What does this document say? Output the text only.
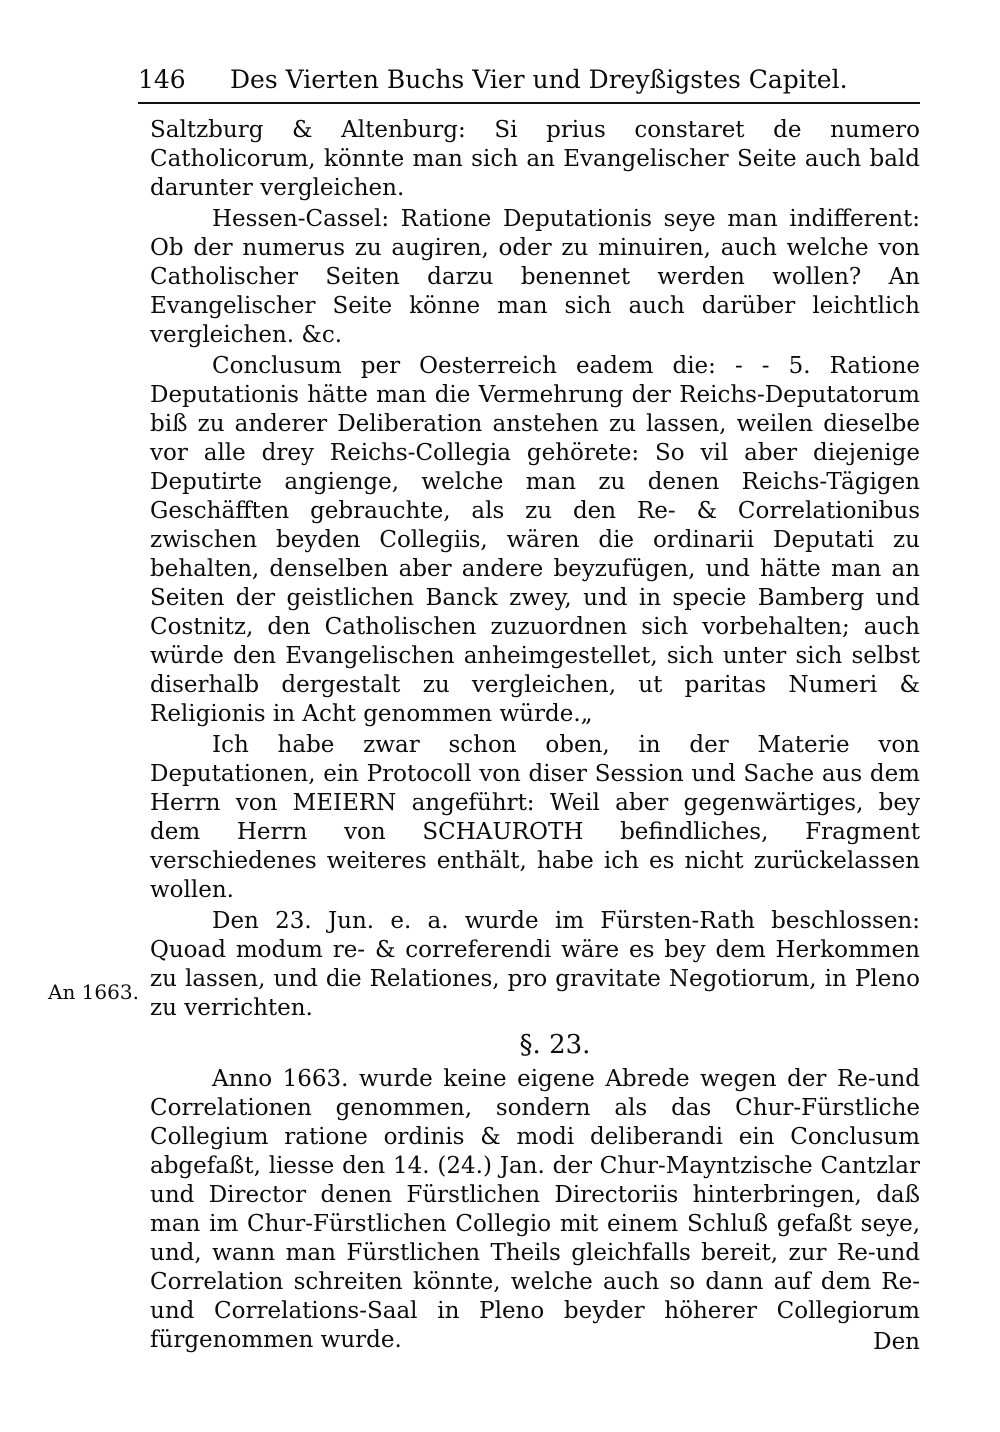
146 Des Vierten Buchs Vier und Dreyßigstes Capitel.
An 1663.

Saltzburg & Altenburg: Si prius constaret de numero Catholicorum, könnte man sich an Evangelischer Seite auch bald darunter vergleichen.

Hessen-Cassel: Ratione Deputationis seye man indifferent: Ob der numerus zu augiren, oder zu minuiren, auch welche von Catholischer Seiten darzu benennet werden wollen? An Evangelischer Seite könne man sich auch darüber leichtlich vergleichen. &c.

Conclusum per Oesterreich eadem die: - - 5. Ratione Deputationis hätte man die Vermehrung der Reichs-Deputatorum biß zu anderer Deliberation anstehen zu lassen, weilen dieselbe vor alle drey Reichs-Collegia gehörete: So vil aber diejenige Deputirte angienge, welche man zu denen Reichs-Tägigen Geschäfften gebrauchte, als zu den Re- & Correlationibus zwischen beyden Collegiis, wären die ordinarii Deputati zu behalten, denselben aber andere beyzufügen, und hätte man an Seiten der geistlichen Banck zwey, und in specie Bamberg und Costnitz, den Catholischen zuzuordnen sich vorbehalten; auch würde den Evangelischen anheimgestellet, sich unter sich selbst diserhalb dergestalt zu vergleichen, ut paritas Numeri & Religionis in Acht genommen würde.„

Ich habe zwar schon oben, in der Materie von Deputationen, ein Protocoll von diser Session und Sache aus dem Herrn von MEIERN angeführt: Weil aber gegenwärtiges, bey dem Herrn von SCHAUROTH befindliches, Fragment verschiedenes weiteres enthält, habe ich es nicht zurückelassen wollen.

Den 23. Jun. e. a. wurde im Fürsten-Rath beschlossen: Quoad modum re- & correferendi wäre es bey dem Herkommen zu lassen, und die Relationes, pro gravitate Negotiorum, in Pleno zu verrichten.

§. 23.

Anno 1663. wurde keine eigene Abrede wegen der Re-und Correlationen genommen, sondern als das Chur-Fürstliche Collegium ratione ordinis & modi deliberandi ein Conclusum abgefaßt, liesse den 14. (24.) Jan. der Chur-Mayntzische Cantzlar und Director denen Fürstlichen Directoriis hinterbringen, daß man im Chur-Fürstlichen Collegio mit einem Schluß gefaßt seye, und, wann man Fürstlichen Theils gleichfalls bereit, zur Re-und Correlation schreiten könnte, welche auch so dann auf dem Re-und Correlations-Saal in Pleno beyder höherer Collegiorum fürgenommen wurde.	Den
